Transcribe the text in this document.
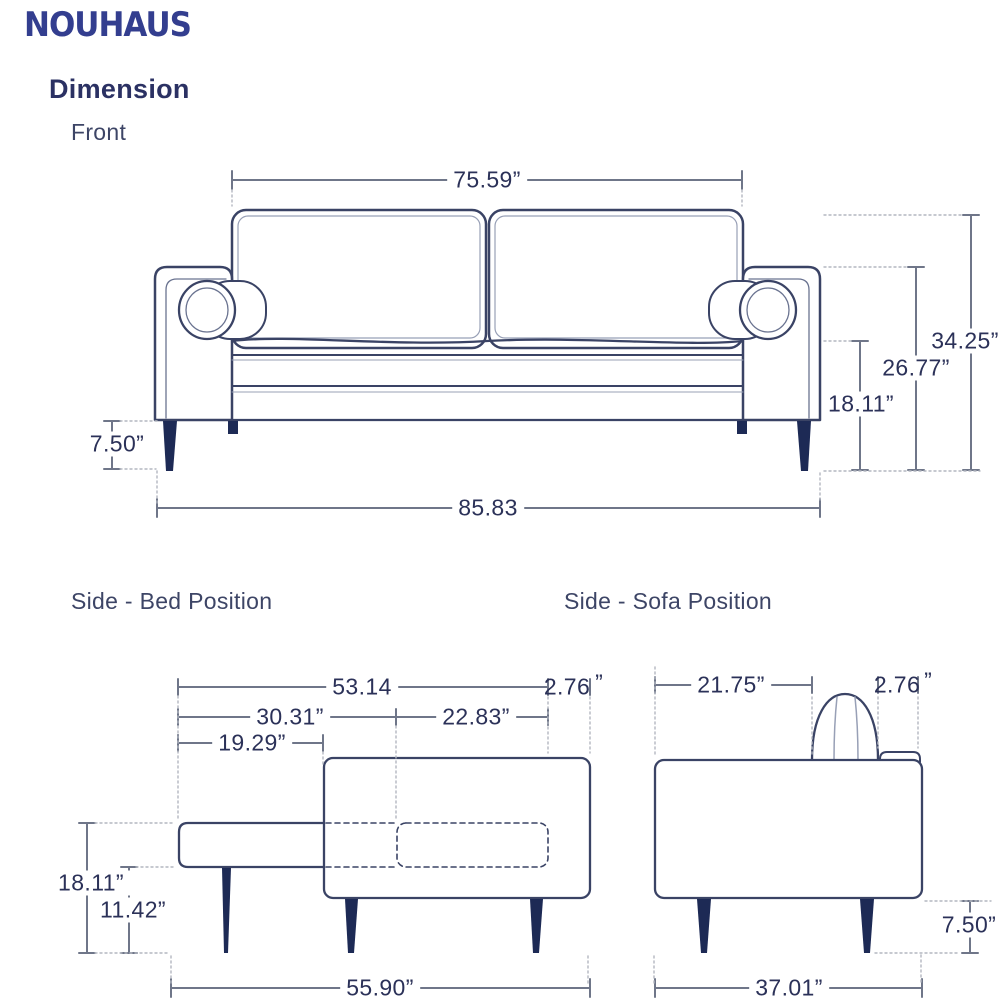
NOUHAUS
Dimension
Front
Side - Bed Position	Side - Sofa Position
75.59”
34.25”
26.77”
18.11”
7.50”
85.83
53.14	2.76 ”
30.31”	22.83”
19.29”
18.11”
11.42”
55.90”
21.75”	2.76 ”
7.50”
37.01”
